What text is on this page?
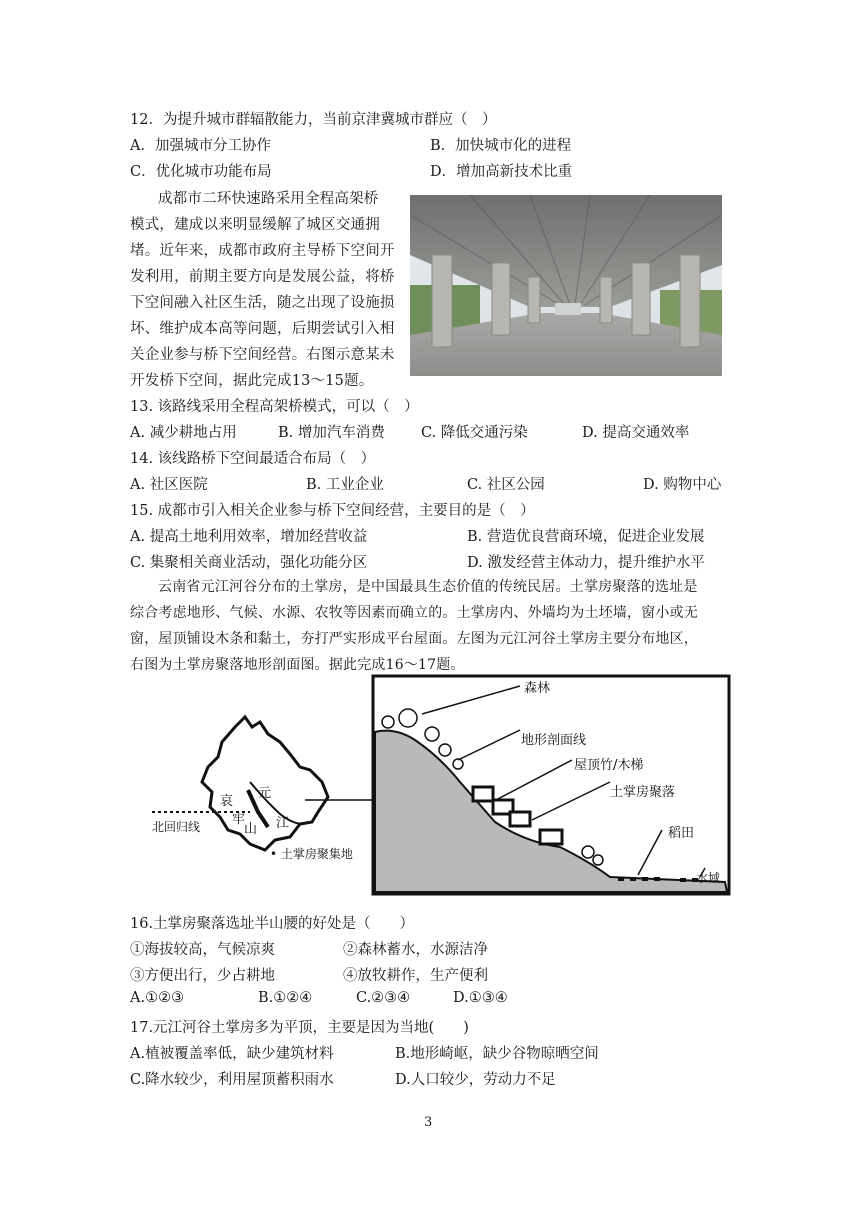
12．为提升城市群辐散能力，当前京津冀城市群应（　）
A．加强城市分工协作	B．加快城市化的进程
C．优化城市功能布局	D．增加高新技术比重
成都市二环快速路采用全程高架桥
模式，建成以来明显缓解了城区交通拥
堵。近年来，成都市政府主导桥下空间开
发利用，前期主要方向是发展公益，将桥
下空间融入社区生活，随之出现了设施损
坏、维护成本高等问题，后期尝试引入相
关企业参与桥下空间经营。右图示意某未
开发桥下空间，据此完成13〜15题。
13. 该路线采用全程高架桥模式，可以（　）
A. 减少耕地占用	B. 增加汽车消费 C. 降低交通污染	D. 提高交通效率
14. 该线路桥下空间最适合布局（　）
A. 社区医院	B. 工业企业	C. 社区公园	D. 购物中心
15. 成都市引入相关企业参与桥下空间经营，主要目的是（　）
A. 提高土地利用效率，增加经营收益	B. 营造优良营商环境，促进企业发展
C. 集聚相关商业活动，强化功能分区	D. 激发经营主体动力，提升维护水平
云南省元江河谷分布的土掌房，是中国最具生态价值的传统民居。土掌房聚落的选址是
综合考虑地形、气候、水源、农牧等因素而确立的。土掌房内、外墙均为土坯墙，窗小或无
窗，屋顶铺设木条和黏土，夯打严实形成平台屋面。左图为元江河谷土掌房主要分布地区，
右图为土掌房聚落地形剖面图。据此完成16〜17题。
元
江
哀
牢
山
北回归线
• 土掌房聚集地
森林
地形剖面线
屋顶竹/木梯
土掌房聚落
稻田
水域
16.土掌房聚落选址半山腰的好处是（　　）
①海拔较高，气候凉爽	②森林蓄水，水源洁净
③方便出行，少占耕地	④放牧耕作，生产便利
A.①②③	B.①②④	C.②③④	D.①③④
17.元江河谷土掌房多为平顶，主要是因为当地(　　)
A.植被覆盖率低，缺少建筑材料	B.地形崎岖，缺少谷物晾晒空间
C.降水较少，利用屋顶蓄积雨水	D.人口较少，劳动力不足
3
